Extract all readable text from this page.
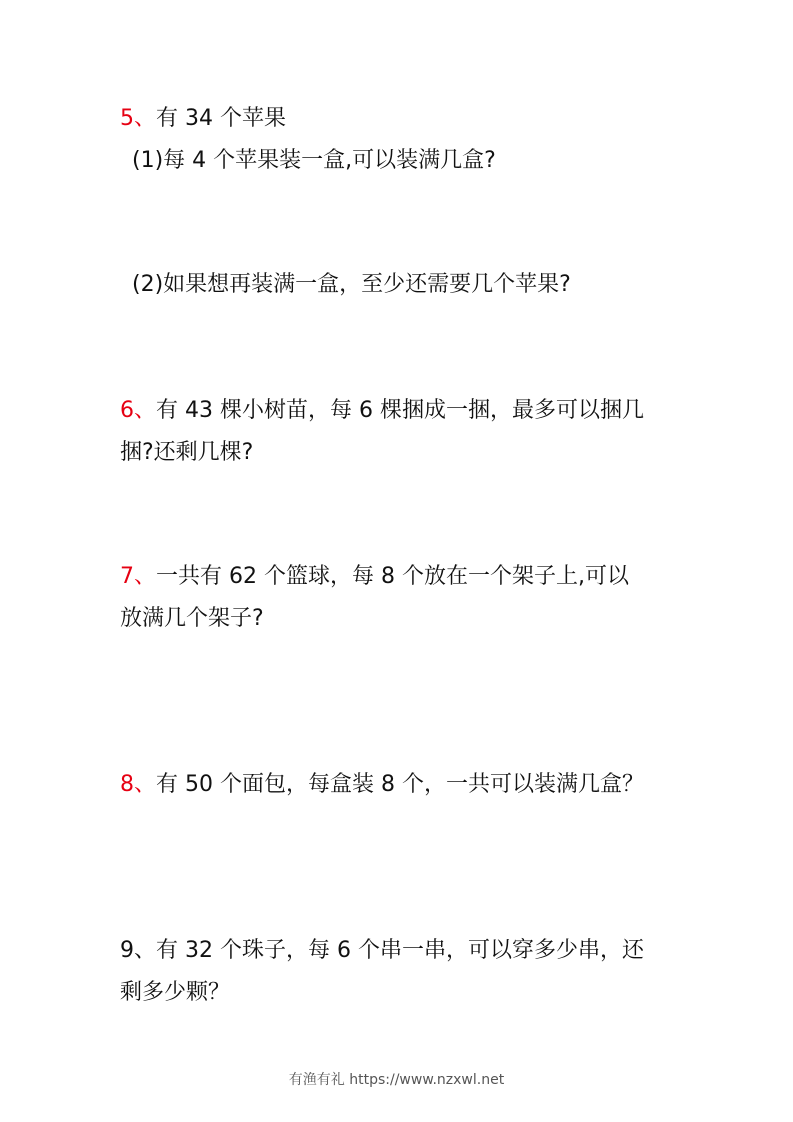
5、有 34 个苹果
(1)每 4 个苹果装一盒,可以装满几盒?
(2)如果想再装满一盒，至少还需要几个苹果?
6、有 43 棵小树苗，每 6 棵捆成一捆，最多可以捆几
捆?还剩几棵?
7、一共有 62 个篮球，每 8 个放在一个架子上,可以
放满几个架子?
8、有 50 个面包，每盒装 8 个，一共可以装满几盒？
9、有 32 个珠子，每 6 个串一串，可以穿多少串，还
剩多少颗？
有渔有礼 https://www.nzxwl.net
